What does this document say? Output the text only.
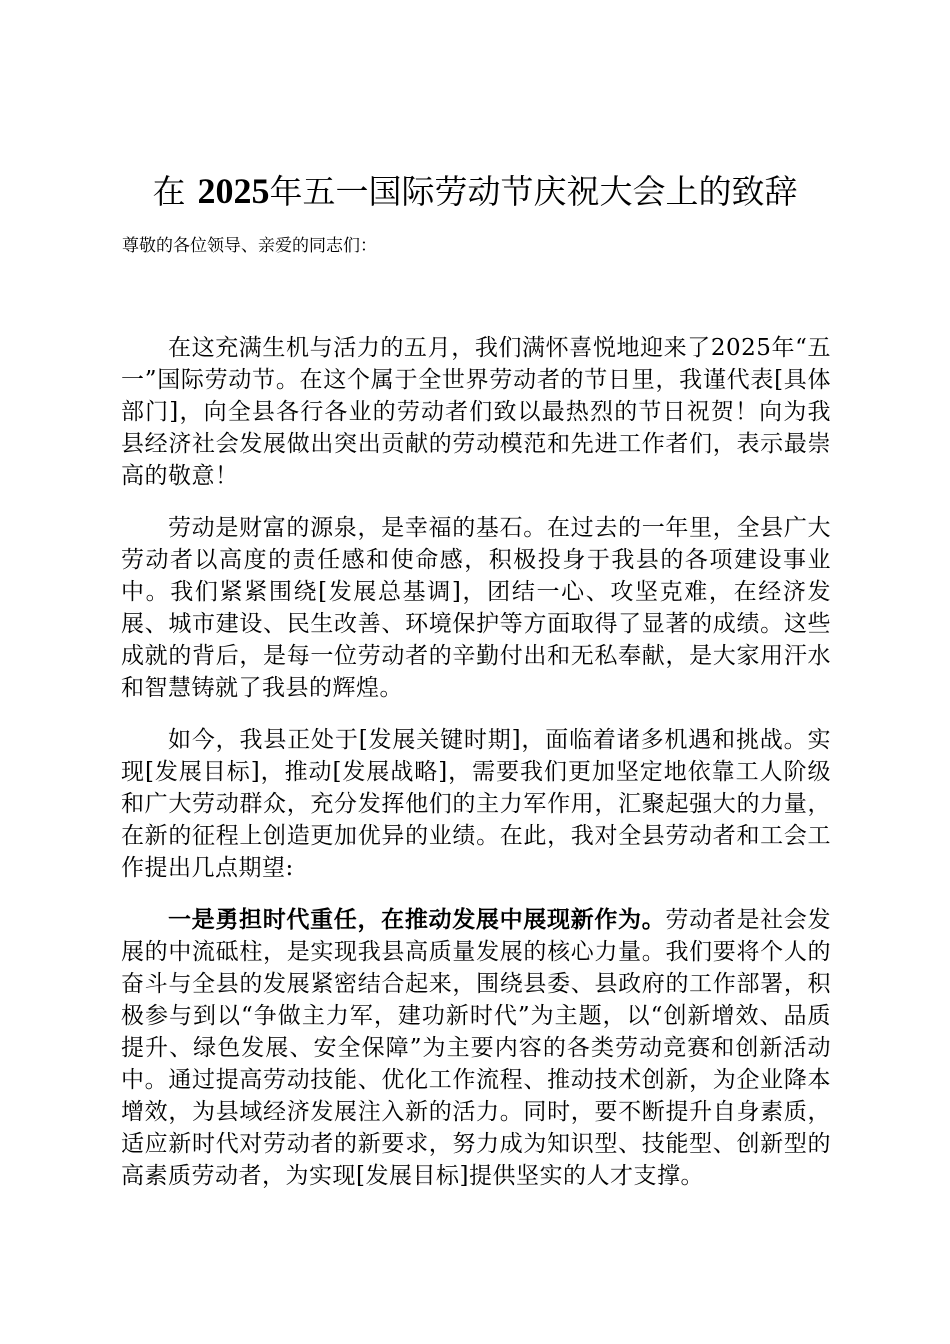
在 2025年五一国际劳动节庆祝大会上的致辞
尊敬的各位领导、亲爱的同志们：

在这充满生机与活力的五月，我们满怀喜悦地迎来了2025年“五一”国际劳动节。在这个属于全世界劳动者的节日里，我谨代表[具体部门]，向全县各行各业的劳动者们致以最热烈的节日祝贺！向为我县经济社会发展做出突出贡献的劳动模范和先进工作者们，表示最崇高的敬意！

劳动是财富的源泉，是幸福的基石。在过去的一年里，全县广大劳动者以高度的责任感和使命感，积极投身于我县的各项建设事业中。我们紧紧围绕[发展总基调]，团结一心、攻坚克难，在经济发展、城市建设、民生改善、环境保护等方面取得了显著的成绩。这些成就的背后，是每一位劳动者的辛勤付出和无私奉献，是大家用汗水和智慧铸就了我县的辉煌。

如今，我县正处于[发展关键时期]，面临着诸多机遇和挑战。实现[发展目标]，推动[发展战略]，需要我们更加坚定地依靠工人阶级和广大劳动群众，充分发挥他们的主力军作用，汇聚起强大的力量，在新的征程上创造更加优异的业绩。在此，我对全县劳动者和工会工作提出几点期望:

一是勇担时代重任，在推动发展中展现新作为。劳动者是社会发展的中流砥柱，是实现我县高质量发展的核心力量。我们要将个人的奋斗与全县的发展紧密结合起来，围绕县委、县政府的工作部署，积极参与到以“争做主力军，建功新时代”为主题，以“创新增效、品质提升、绿色发展、安全保障”为主要内容的各类劳动竞赛和创新活动中。通过提高劳动技能、优化工作流程、推动技术创新，为企业降本增效，为县域经济发展注入新的活力。同时，要不断提升自身素质，适应新时代对劳动者的新要求，努力成为知识型、技能型、创新型的高素质劳动者，为实现[发展目标]提供坚实的人才支撑。
